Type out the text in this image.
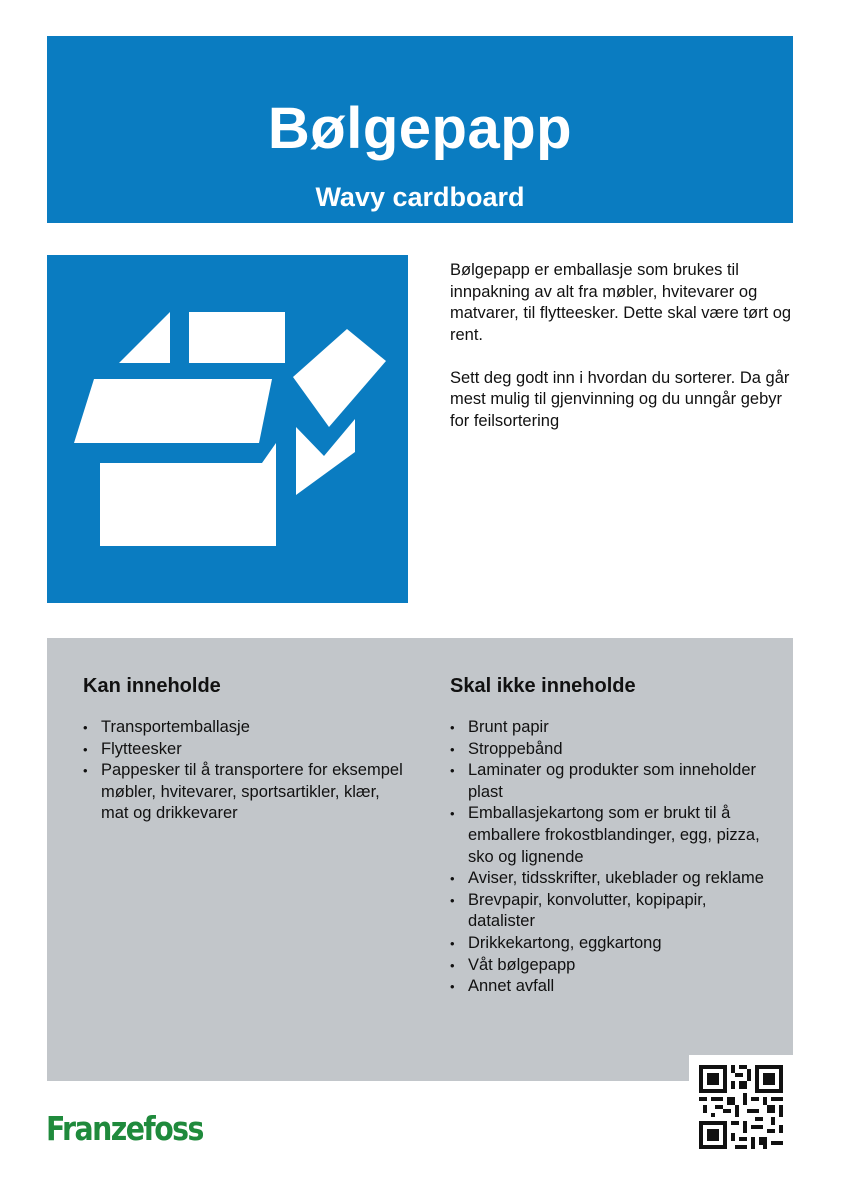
Bølgepapp
Wavy cardboard

Bølgepapp er emballasje som brukes til innpakning av alt fra møbler, hvitevarer og matvarer, til flytteesker. Dette skal være tørt og rent.

Sett deg godt inn i hvordan du sorterer. Da går mest mulig til gjenvinning og du unngår gebyr for feilsortering

Kan inneholde
• Transportemballasje
• Flytteesker
• Pappesker til å transportere for eksempel møbler, hvitevarer, sportsartikler, klær, mat og drikkevarer
Skal ikke inneholde
• Brunt papir
• Stroppebånd
• Laminater og produkter som inneholder plast
• Emballasjekartong som er brukt til å emballere frokostblandinger, egg, pizza, sko og lignende
• Aviser, tidsskrifter, ukeblader og reklame
• Brevpapir, konvolutter, kopipapir, datalister
• Drikkekartong, eggkartong
• Våt bølgepapp
• Annet avfall
Franzefoss
